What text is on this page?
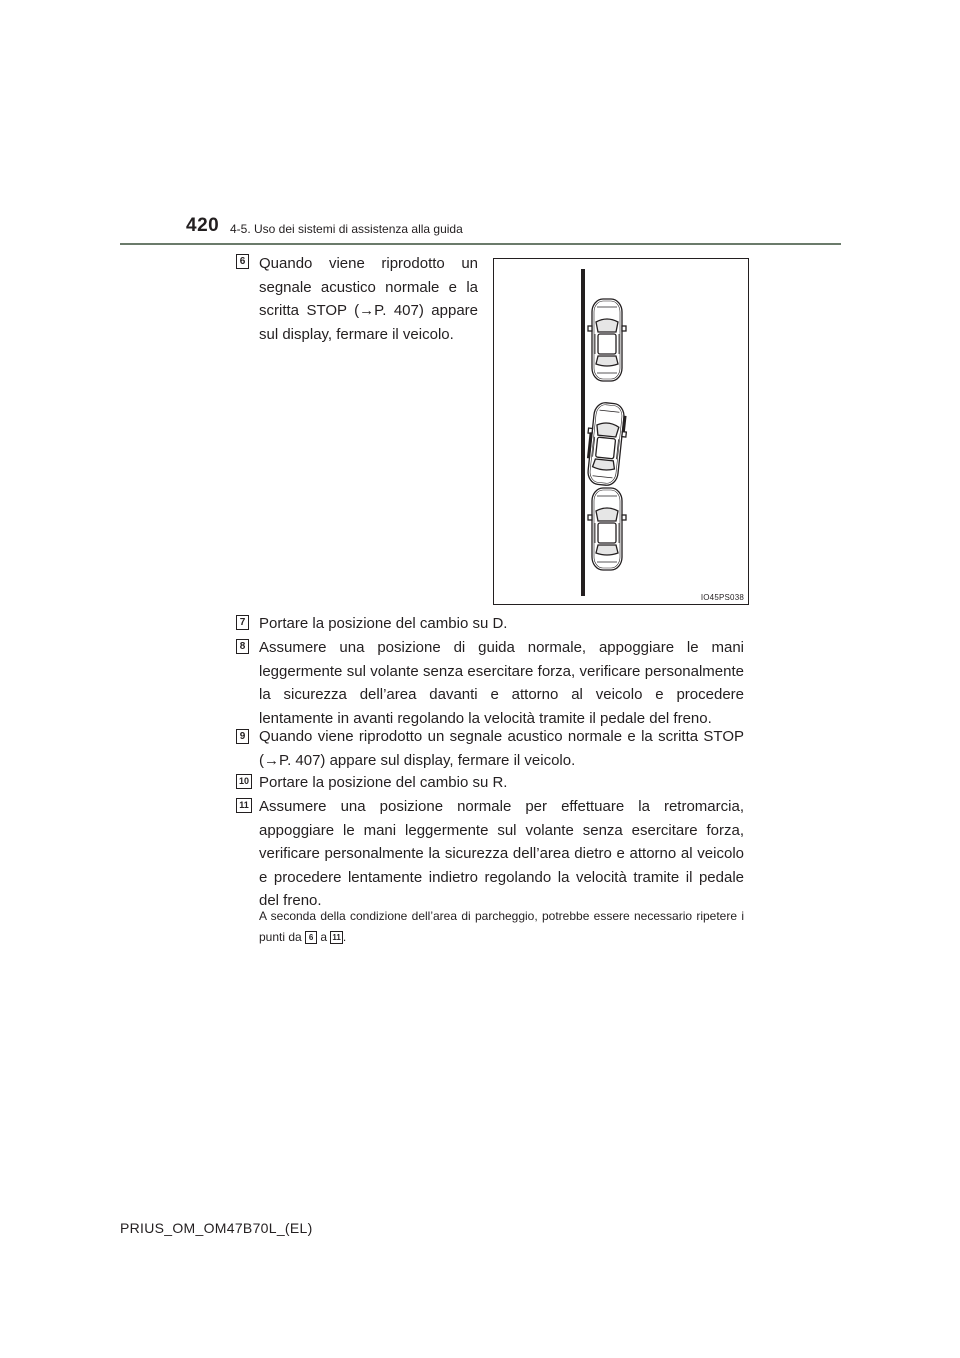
420 4-5. Uso dei sistemi di assistenza alla guida
6 Quando viene riprodotto un segnale acustico normale e la scritta STOP (→P. 407) appare sul display, fermare il veicolo.
IO45PS038
7 Portare la posizione del cambio su D.
8 Assumere una posizione di guida normale, appoggiare le mani leggermente sul volante senza esercitare forza, verificare personalmente la sicurezza dell’area davanti e attorno al veicolo e procedere lentamente in avanti regolando la velocità tramite il pedale del freno.
9 Quando viene riprodotto un segnale acustico normale e la scritta STOP (→P. 407) appare sul display, fermare il veicolo.
10 Portare la posizione del cambio su R.
11 Assumere una posizione normale per effettuare la retromarcia, appoggiare le mani leggermente sul volante senza esercitare forza, verificare personalmente la sicurezza dell’area dietro e attorno al veicolo e procedere lentamente indietro regolando la velocità tramite il pedale del freno.
A seconda della condizione dell’area di parcheggio, potrebbe essere necessario ripetere i punti da 6 a 11 .
PRIUS_OM_OM47B70L_(EL)
